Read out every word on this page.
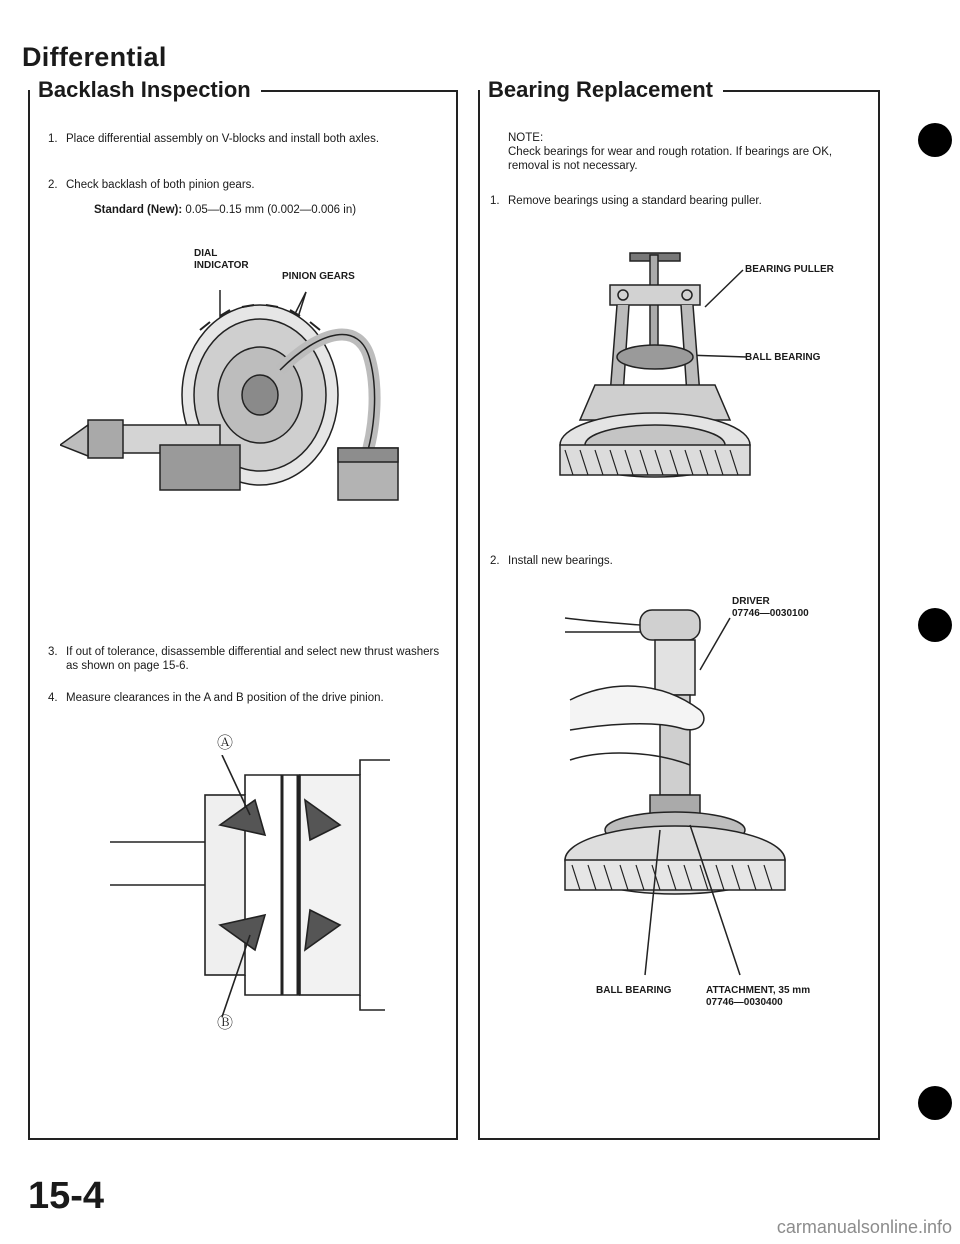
Differential
Backlash Inspection
1. Place differential assembly on V-blocks and install both axles.
2. Check backlash of both pinion gears.
Standard (New): 0.05—0.15 mm (0.002—0.006 in)
DIAL
INDICATOR
PINION GEARS
3. If out of tolerance, disassemble differential and select new thrust washers as shown on page 15-6.
4. Measure clearances in the A and B position of the drive pinion.
Ⓐ
Ⓑ
Bearing Replacement
NOTE:
Check bearings for wear and rough rotation. If bearings are OK, removal is not necessary.
1. Remove bearings using a standard bearing puller.
BEARING PULLER
BALL BEARING
2. Install new bearings.
DRIVER
07746—0030100
BALL BEARING	ATTACHMENT, 35 mm
07746—0030400
15-4
carmanualsonline.info
